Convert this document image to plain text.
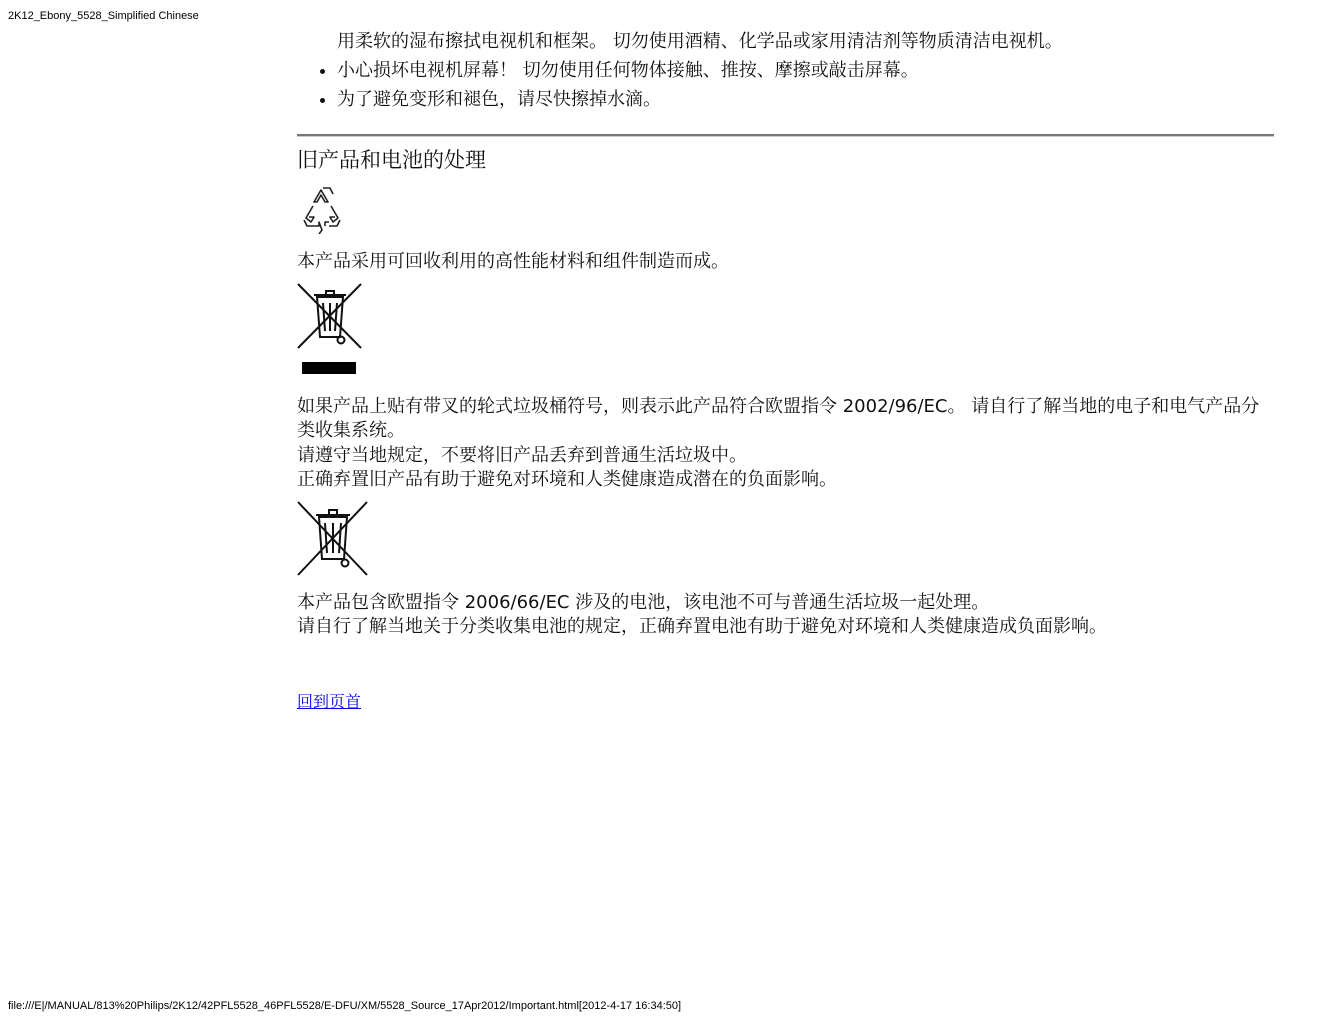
2K12_Ebony_5528_Simplified Chinese
用柔软的湿布擦拭电视机和框架。 切勿使用酒精、化学品或家用清洁剂等物质清洁电视机。
• 小心损坏电视机屏幕！ 切勿使用任何物体接触、推按、摩擦或敲击屏幕。
• 为了避免变形和褪色，请尽快擦掉水滴。
旧产品和电池的处理

本产品采用可回收利用的高性能材料和组件制造而成。

如果产品上贴有带叉的轮式垃圾桶符号，则表示此产品符合欧盟指令 2002/96/EC。 请自行了解当地的电子和电气产品分类收集系统。

请遵守当地规定，不要将旧产品丢弃到普通生活垃圾中。

正确弃置旧产品有助于避免对环境和人类健康造成潜在的负面影响。

本产品包含欧盟指令 2006/66/EC 涉及的电池，该电池不可与普通生活垃圾一起处理。

请自行了解当地关于分类收集电池的规定，正确弃置电池有助于避免对环境和人类健康造成负面影响。

回到页首
file:///E|/MANUAL/813%20Philips/2K12/42PFL5528_46PFL5528/E-DFU/XM/5528_Source_17Apr2012/Important.html[2012-4-17 16:34:50]
